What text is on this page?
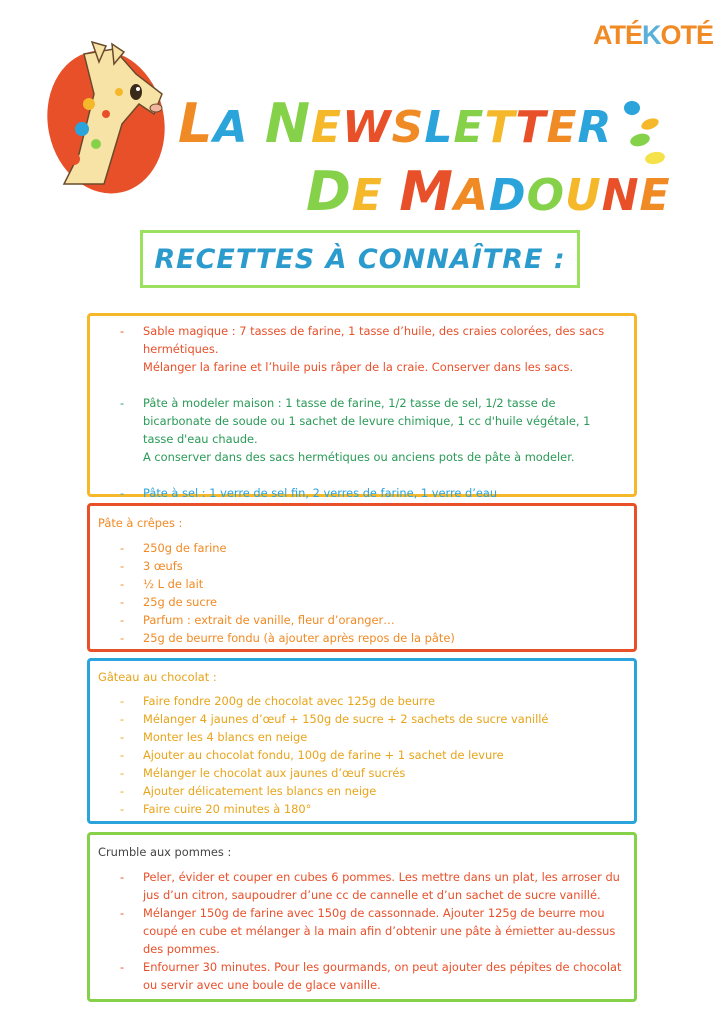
ATÉKOTÉ
LA NEWSLETTER
DE MADOUNE
RECETTES À CONNAÎTRE :
- Sable magique : 7 tasses de farine, 1 tasse d’huile, des craies colorées, des sacs hermétiques.
Mélanger la farine et l’huile puis râper de la craie. Conserver dans les sacs.
- Pâte à modeler maison : 1 tasse de farine, 1/2 tasse de sel, 1/2 tasse de bicarbonate de soude ou 1 sachet de levure chimique, 1 cc d'huile végétale, 1 tasse d'eau chaude.
A conserver dans des sacs hermétiques ou anciens pots de pâte à modeler.
- Pâte à sel : 1 verre de sel fin, 2 verres de farine, 1 verre d’eau
Pâte à crêpes :
- 250g de farine
- 3 œufs
- ½ L de lait
- 25g de sucre
- Parfum : extrait de vanille, fleur d’oranger…
- 25g de beurre fondu (à ajouter après repos de la pâte)
Gâteau au chocolat :
- Faire fondre 200g de chocolat avec 125g de beurre
- Mélanger 4 jaunes d’œuf + 150g de sucre + 2 sachets de sucre vanillé
- Monter les 4 blancs en neige
- Ajouter au chocolat fondu, 100g de farine + 1 sachet de levure
- Mélanger le chocolat aux jaunes d’œuf sucrés
- Ajouter délicatement les blancs en neige
- Faire cuire 20 minutes à 180°
Crumble aux pommes :
- Peler, évider et couper en cubes 6 pommes. Les mettre dans un plat, les arroser du jus d’un citron, saupoudrer d’une cc de cannelle et d’un sachet de sucre vanillé.
- Mélanger 150g de farine avec 150g de cassonnade. Ajouter 125g de beurre mou coupé en cube et mélanger à la main afin d’obtenir une pâte à émietter au-dessus des pommes.
- Enfourner 30 minutes. Pour les gourmands, on peut ajouter des pépites de chocolat ou servir avec une boule de glace vanille.
